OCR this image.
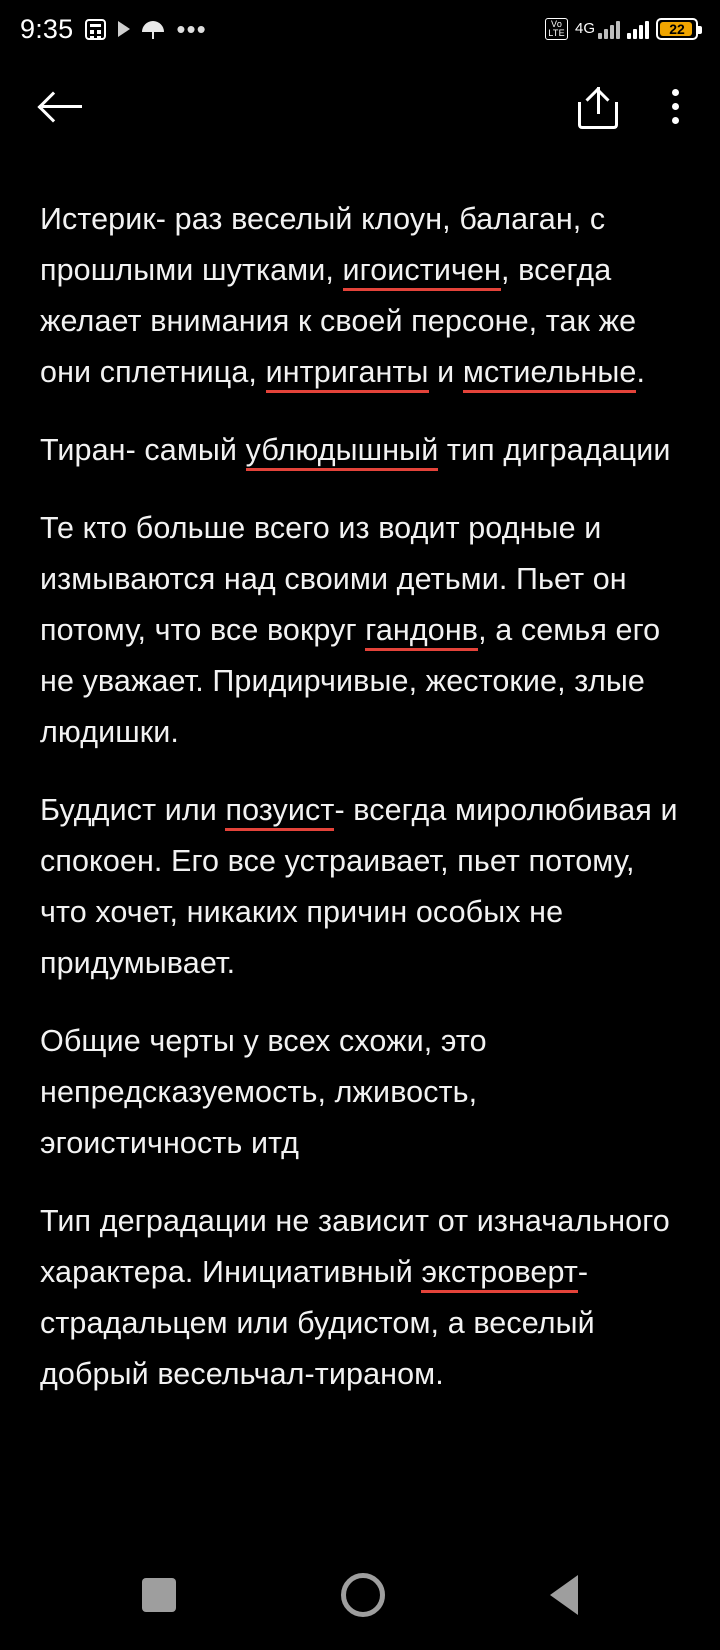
9:35	•••	Vo
LTE 4G	22

Истерик- раз веселый клоун, балаган, с прошлыми шутками, игоистичен, всегда желает внимания к своей персоне, так же они сплетница, интриганты и мстиельные.

Тиран- самый ублюдышный тип диградации

Те кто больше всего из водит родные и измываются над своими детьми. Пьет он потому, что все вокруг гандонв, а семья его не уважает. Придирчивые, жестокие, злые людишки.

Буддист или позуист- всегда миролюбивая и спокоен. Его все устраивает, пьет потому, что хочет, никаких причин особых не придумывает.

Общие черты у всех схожи, это непредсказуемость, лживость, эгоистичность итд

Тип деградации не зависит от изначального характера. Инициативный экстроверт-страдальцем или будистом, а веселый добрый весельчал-тираном.
